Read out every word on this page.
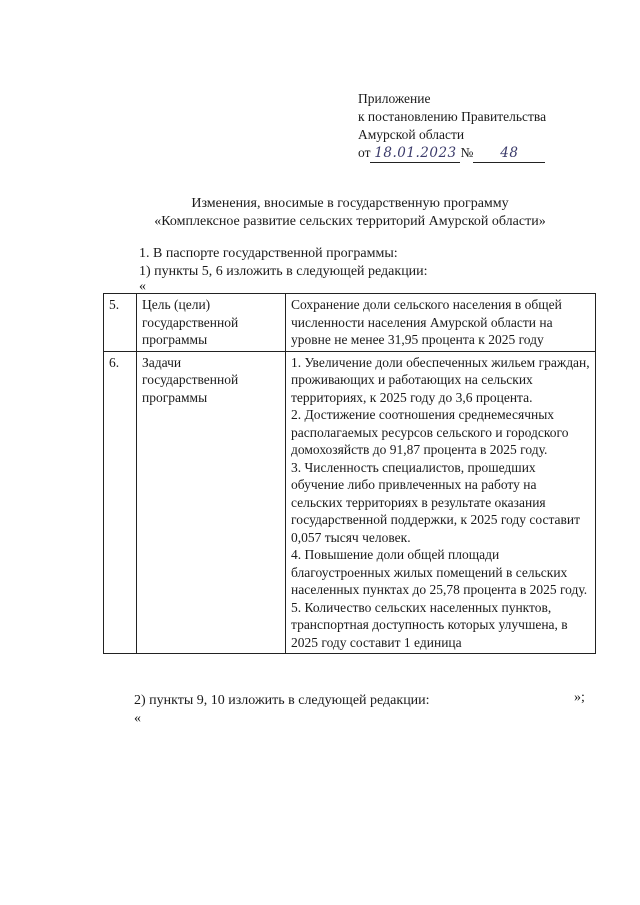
Приложение
к постановлению Правительства
Амурской области
от 18.01.2023 № 48
Изменения, вносимые в государственную программу
«Комплексное развитие сельских территорий Амурской области»
1. В паспорте государственной программы:
1) пункты 5, 6 изложить в следующей редакции:
«
5.	Цель (цели) государственной программы	Сохранение доли сельского населения в общей численности населения Амурской области на уровне не менее 31,95 процента к 2025 году

6.	Задачи государственной программы	1. Увеличение доли обеспеченных жильем граждан, проживающих и работающих на сельских территориях, к 2025 году до 3,6 процента.
2. Достижение соотношения среднемесячных располагаемых ресурсов сельского и городского домохозяйств до 91,87 процента в 2025 году.
3. Численность специалистов, прошедших обучение либо привлеченных на работу на сельских территориях в результате оказания государственной поддержки, к 2025 году составит 0,057 тысяч человек.
4. Повышение доли общей площади благоустроенных жилых помещений в сельских населенных пунктах до 25,78 процента в 2025 году.
5. Количество сельских населенных пунктов, транспортная доступность которых улучшена, в 2025 году составит 1 единица
»;
2) пункты 9, 10 изложить в следующей редакции:
«
